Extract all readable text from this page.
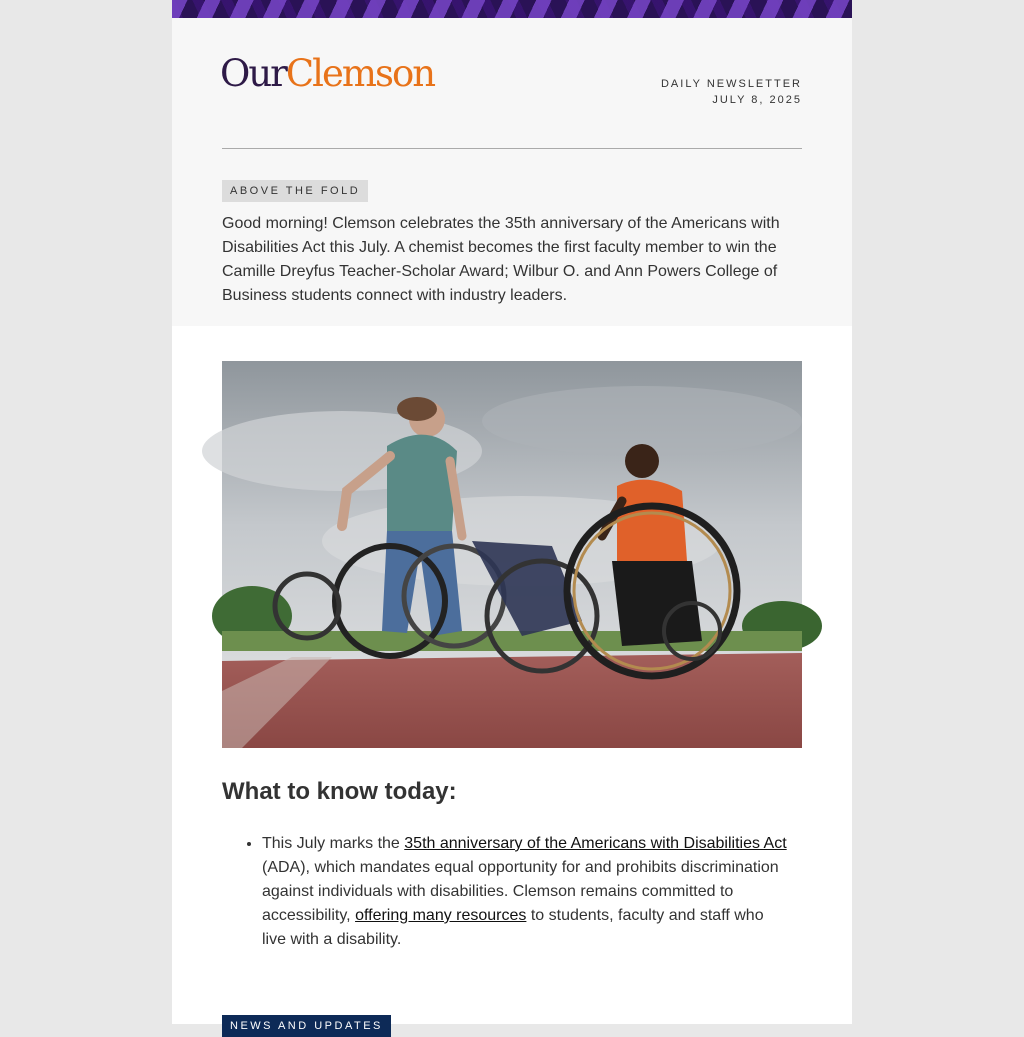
OurClemson	DAILY NEWSLETTER
JULY 8, 2025
ABOVE THE FOLD

Good morning! Clemson celebrates the 35th anniversary of the Americans with Disabilities Act this July. A chemist becomes the first faculty member to win the Camille Dreyfus Teacher-Scholar Award; Wilbur O. and Ann Powers College of Business students connect with industry leaders.

What to know today:
• This July marks the 35th anniversary of the Americans with Disabilities Act (ADA), which mandates equal opportunity for and prohibits discrimination against individuals with disabilities. Clemson remains committed to accessibility, offering many resources to students, faculty and staff who live with a disability.
NEWS AND UPDATES
